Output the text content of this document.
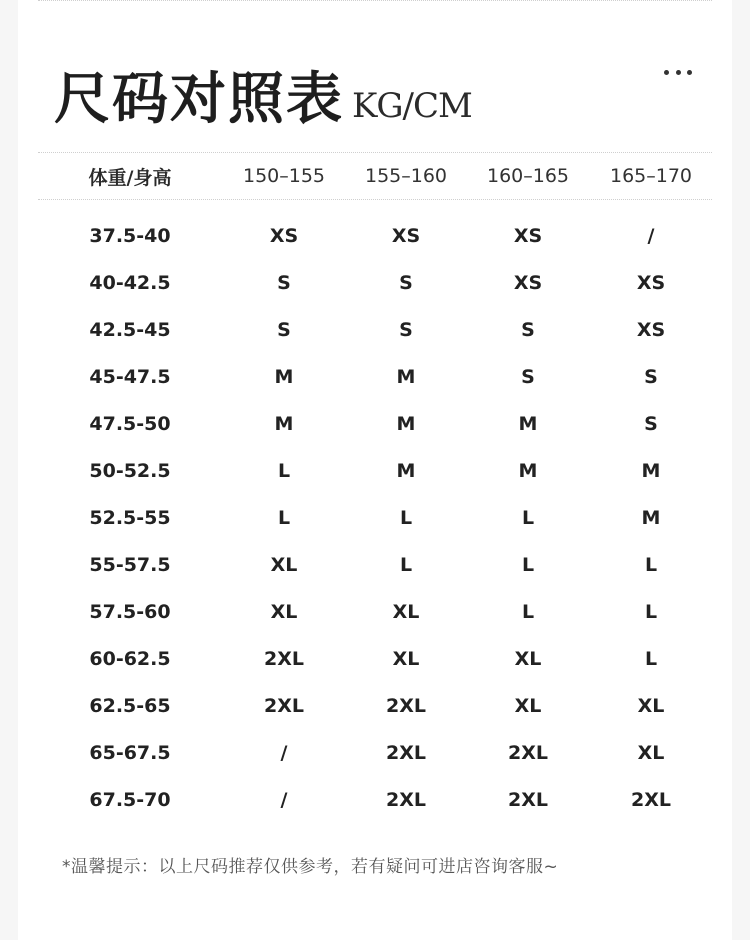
尺码对照表 KG/CM
体重/身高	150–155	155–160	160–165	165–170
37.5-40	XS	XS	XS	/
40-42.5	S	S	XS	XS
42.5-45	S	S	S	XS
45-47.5	M	M	S	S
47.5-50	M	M	M	S
50-52.5	L	M	M	M
52.5-55	L	L	L	M
55-57.5	XL	L	L	L
57.5-60	XL	XL	L	L
60-62.5	2XL	XL	XL	L
62.5-65	2XL	2XL	XL	XL
65-67.5	/	2XL	2XL	XL
67.5-70	/	2XL	2XL	2XL
*温馨提示：以上尺码推荐仅供参考，若有疑问可进店咨询客服~
